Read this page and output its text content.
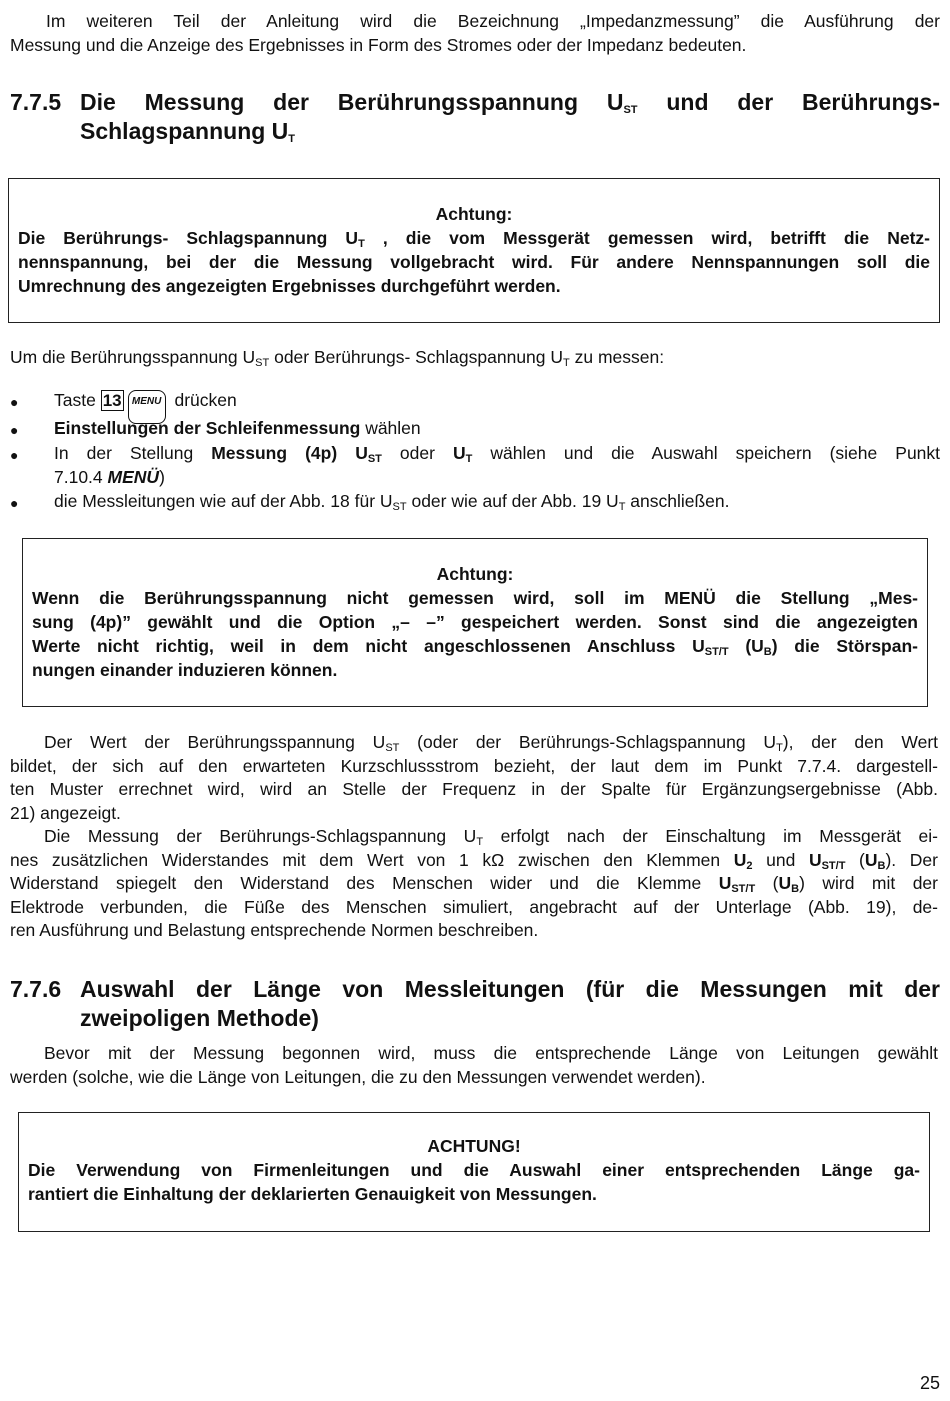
Im weiteren Teil der Anleitung wird die Bezeichnung „Impedanzmessung” die Ausführung der
Messung und die Anzeige des Ergebnisses in Form des Stromes oder der Impedanz bedeuten.
7.7.5 Die Messung der Berührungsspannung $U_{ST}$ und der Berührungs-
Schlagspannung $U_T$
Achtung:
Die Berührungs- Schlagspannung $U_T$ , die vom Messgerät gemessen wird, betrifft die Netz-
nennspannung, bei der die Messung vollgebracht wird. Für andere Nennspannungen soll die
Umrechnung des angezeigten Ergebnisses durchgeführt werden.
Um die Berührungsspannung $U_{ST}$ oder Berührungs- Schlagspannung $U_T$ zu messen:
● Taste 13 MENU drücken
● Einstellungen der Schleifenmessung wählen
● In der Stellung Messung (4p) $U_{ST}$ oder $U_T$ wählen und die Auswahl speichern (siehe Punkt
7.10.4 MENÜ)
● die Messleitungen wie auf der Abb. 18 für $U_{ST}$ oder wie auf der Abb. 19 $U_T$ anschließen.
Achtung:
Wenn die Berührungsspannung nicht gemessen wird, soll im MENÜ die Stellung „Mes-
sung (4p)” gewählt und die Option „– –” gespeichert werden. Sonst sind die angezeigten
Werte nicht richtig, weil in dem nicht angeschlossenen Anschluss $U_{ST/T}$ $(U_B)$ die Störspan-
nungen einander induzieren können.
Der Wert der Berührungsspannung $U_{ST}$ (oder der Berührungs-Schlagspannung $U_T$), der den Wert
bildet, der sich auf den erwarteten Kurzschlussstrom bezieht, der laut dem im Punkt 7.7.4. dargestell-
ten Muster errechnet wird, wird an Stelle der Frequenz in der Spalte für Ergänzungsergebnisse (Abb.
21) angezeigt.
Die Messung der Berührungs-Schlagspannung $U_T$ erfolgt nach der Einschaltung im Messgerät ei-
nes zusätzlichen Widerstandes mit dem Wert von 1 kΩ zwischen den Klemmen $U_2$ und $U_{ST/T}$ $(U_B)$. Der
Widerstand spiegelt den Widerstand des Menschen wider und die Klemme $U_{ST/T}$ $(U_B)$ wird mit der
Elektrode verbunden, die Füße des Menschen simuliert, angebracht auf der Unterlage (Abb. 19), de-
ren Ausführung und Belastung entsprechende Normen beschreiben.
7.7.6 Auswahl der Länge von Messleitungen (für die Messungen mit der
zweipoligen Methode)
Bevor mit der Messung begonnen wird, muss die entsprechende Länge von Leitungen gewählt
werden (solche, wie die Länge von Leitungen, die zu den Messungen verwendet werden).
ACHTUNG!
Die Verwendung von Firmenleitungen und die Auswahl einer entsprechenden Länge ga-
rantiert die Einhaltung der deklarierten Genauigkeit von Messungen.
25
